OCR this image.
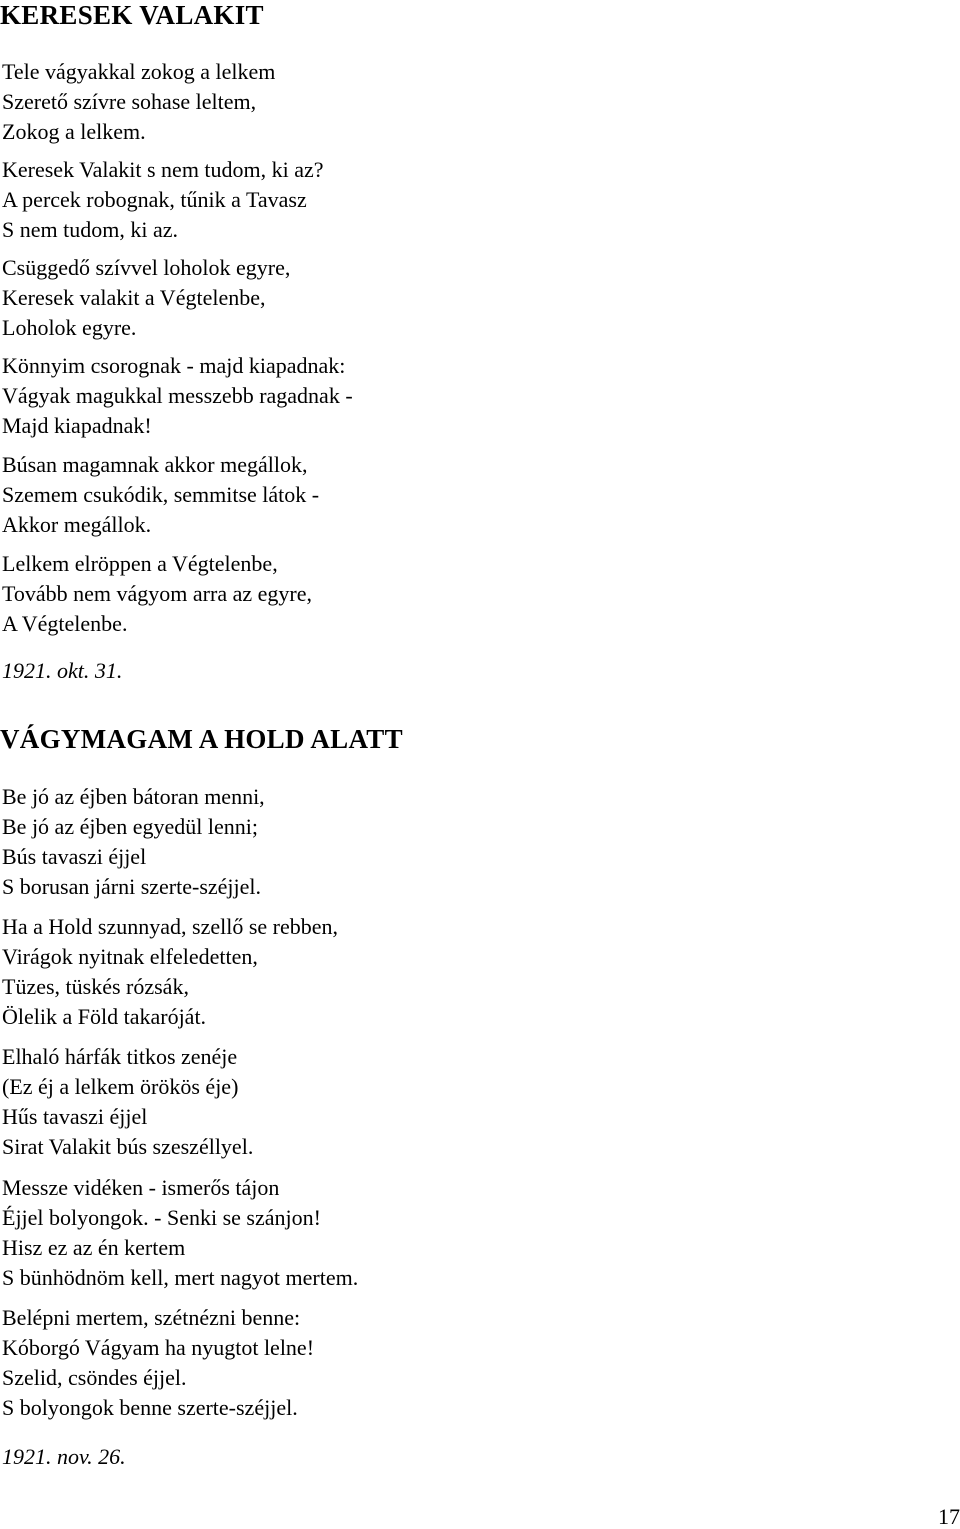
KERESEK VALAKIT
Tele vágyakkal zokog a lelkem
Szerető szívre sohase leltem,
Zokog a lelkem.
Keresek Valakit s nem tudom, ki az?
A percek robognak, tűnik a Tavasz
S nem tudom, ki az.
Csüggedő szívvel loholok egyre,
Keresek valakit a Végtelenbe,
Loholok egyre.
Könnyim csorognak - majd kiapadnak:
Vágyak magukkal messzebb ragadnak -
Majd kiapadnak!
Búsan magamnak akkor megállok,
Szemem csukódik, semmitse látok -
Akkor megállok.
Lelkem elröppen a Végtelenbe,
Tovább nem vágyom arra az egyre,
A Végtelenbe.
1921. okt. 31.
VÁGYMAGAM A HOLD ALATT
Be jó az éjben bátoran menni,
Be jó az éjben egyedül lenni;
Bús tavaszi éjjel
S borusan járni szerte-széjjel.
Ha a Hold szunnyad, szellő se rebben,
Virágok nyitnak elfeledetten,
Tüzes, tüskés rózsák,
Ölelik a Föld takaróját.
Elhaló hárfák titkos zenéje
(Ez éj a lelkem örökös éje)
Hűs tavaszi éjjel
Sirat Valakit bús szeszéllyel.
Messze vidéken - ismerős tájon
Éjjel bolyongok. - Senki se szánjon!
Hisz ez az én kertem
S bünhödnöm kell, mert nagyot mertem.
Belépni mertem, szétnézni benne:
Kóborgó Vágyam ha nyugtot lelne!
Szelid, csöndes éjjel.
S bolyongok benne szerte-széjjel.
1921. nov. 26.
17
